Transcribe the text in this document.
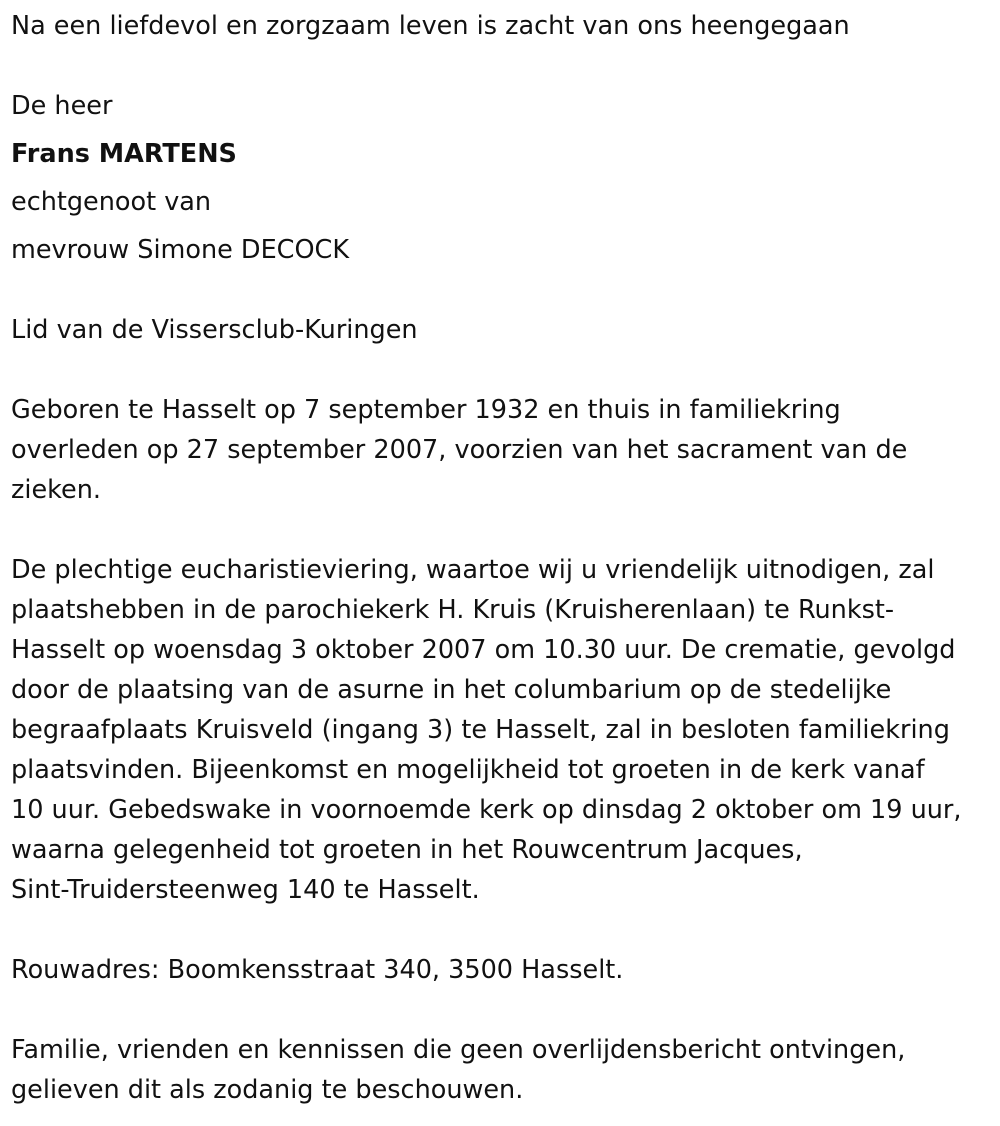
Na een liefdevol en zorgzaam leven is zacht van ons heengegaan
De heer
Frans MARTENS
echtgenoot van
mevrouw Simone DECOCK
Lid van de Vissersclub-Kuringen
Geboren te Hasselt op 7 september 1932 en thuis in familiekring
overleden op 27 september 2007, voorzien van het sacrament van de
zieken.
De plechtige eucharistieviering, waartoe wij u vriendelijk uitnodigen, zal
plaatshebben in de parochiekerk H. Kruis (Kruisherenlaan) te Runkst-
Hasselt op woensdag 3 oktober 2007 om 10.30 uur. De crematie, gevolgd
door de plaatsing van de asurne in het columbarium op de stedelijke
begraafplaats Kruisveld (ingang 3) te Hasselt, zal in besloten familiekring
plaatsvinden. Bijeenkomst en mogelijkheid tot groeten in de kerk vanaf
10 uur. Gebedswake in voornoemde kerk op dinsdag 2 oktober om 19 uur,
waarna gelegenheid tot groeten in het Rouwcentrum Jacques,
Sint-Truidersteenweg 140 te Hasselt.
Rouwadres: Boomkensstraat 340, 3500 Hasselt.
Familie, vrienden en kennissen die geen overlijdensbericht ontvingen,
gelieven dit als zodanig te beschouwen.
